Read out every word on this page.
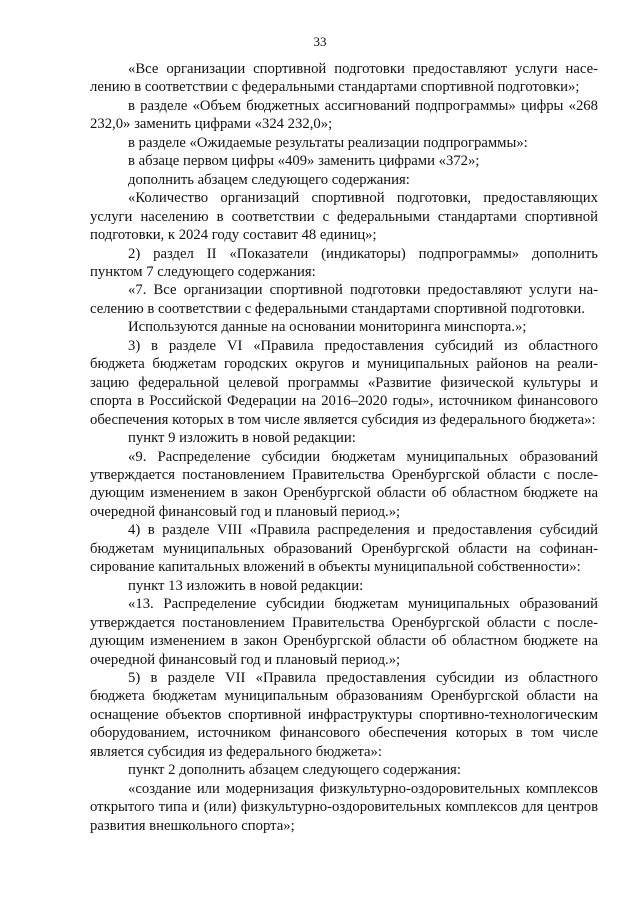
33

«Все организации спортивной подготовки предоставляют услуги населению в соответствии с федеральными стандартами спортивной подготовки»;

в разделе «Объем бюджетных ассигнований подпрограммы» цифры «268 232,0» заменить цифрами «324 232,0»;

в разделе «Ожидаемые результаты реализации подпрограммы»:

в абзаце первом цифры «409» заменить цифрами «372»;

дополнить абзацем следующего содержания:

«Количество организаций спортивной подготовки, предоставляющих услуги населению в соответствии с федеральными стандартами спортивной подготовки, к 2024 году составит 48 единиц»;

2) раздел II «Показатели (индикаторы) подпрограммы» дополнить пунктом 7 следующего содержания:

«7. Все организации спортивной подготовки предоставляют услуги населению в соответствии с федеральными стандартами спортивной подготовки.

Используются данные на основании мониторинга минспорта.»;

3) в разделе VI «Правила предоставления субсидий из областного бюджета бюджетам городских округов и муниципальных районов на реализацию федеральной целевой программы «Развитие физической культуры и спорта в Российской Федерации на 2016–2020 годы», источником финансового обеспечения которых в том числе является субсидия из федерального бюджета»:

пункт 9 изложить в новой редакции:

«9. Распределение субсидии бюджетам муниципальных образований утверждается постановлением Правительства Оренбургской области с последующим изменением в закон Оренбургской области об областном бюджете на очередной финансовый год и плановый период.»;

4) в разделе VIII «Правила распределения и предоставления субсидий бюджетам муниципальных образований Оренбургской области на софинансирование капитальных вложений в объекты муниципальной собственности»:

пункт 13 изложить в новой редакции:

«13. Распределение субсидии бюджетам муниципальных образований утверждается постановлением Правительства Оренбургской области с последующим изменением в закон Оренбургской области об областном бюджете на очередной финансовый год и плановый период.»;

5) в разделе VII «Правила предоставления субсидии из областного бюджета бюджетам муниципальным образованиям Оренбургской области на оснащение объектов спортивной инфраструктуры спортивно-технологическим оборудованием, источником финансового обеспечения которых в том числе является субсидия из федерального бюджета»:

пункт 2 дополнить абзацем следующего содержания:

«создание или модернизация физкультурно-оздоровительных комплексов открытого типа и (или) физкультурно-оздоровительных комплексов для центров развития внешкольного спорта»;
